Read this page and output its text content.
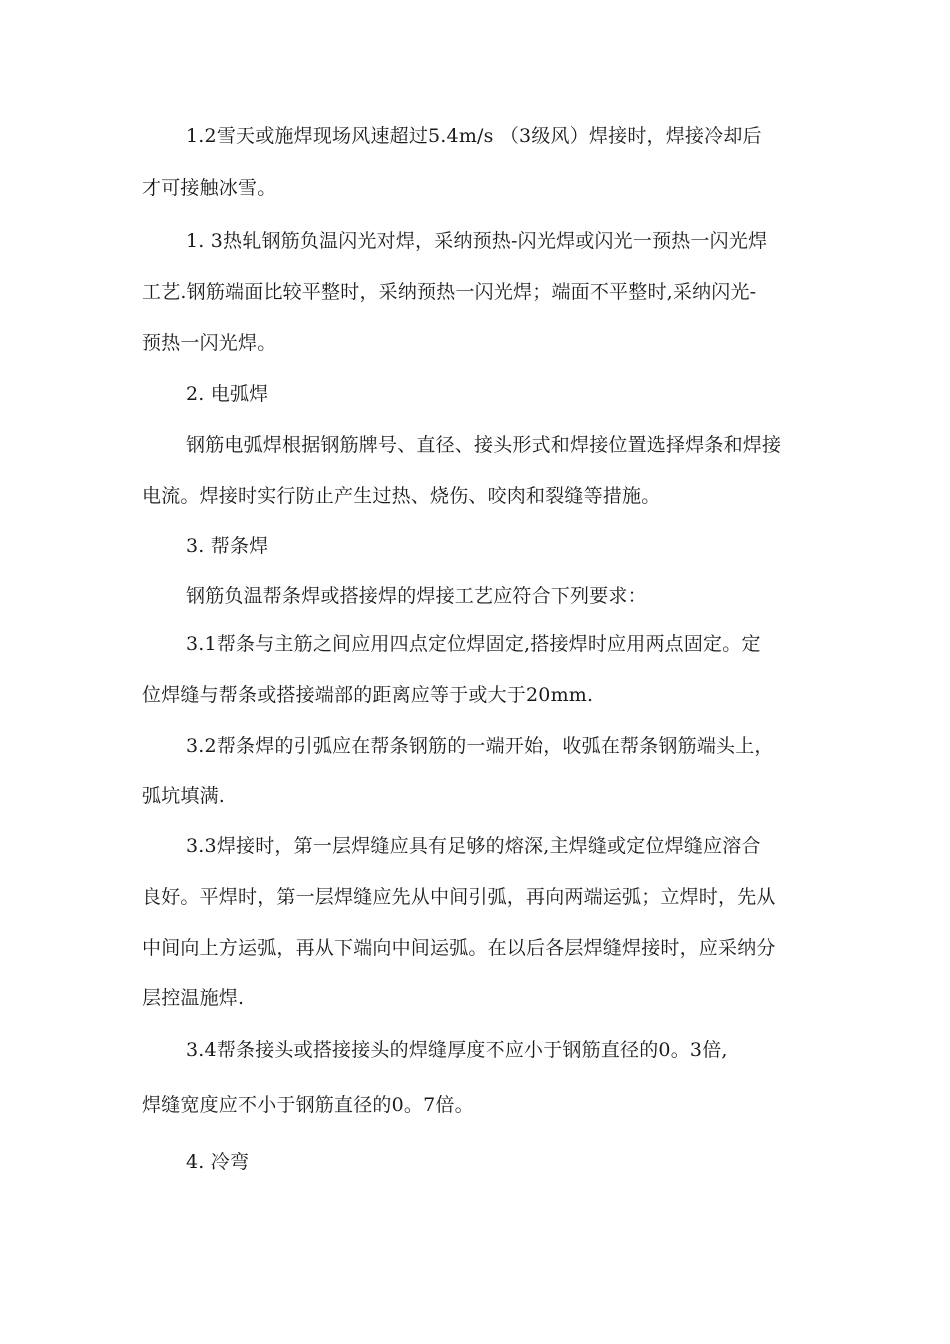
1.2雪天或施焊现场风速超过5.4m/s （3级风）焊接时，焊接冷却后
才可接触冰雪。
1. 3热轧钢筋负温闪光对焊，采纳预热-闪光焊或闪光一预热一闪光焊
工艺.钢筋端面比较平整时，采纳预热一闪光焊；端面不平整时,采纳闪光-
预热一闪光焊。
2. 电弧焊
钢筋电弧焊根据钢筋牌号、直径、接头形式和焊接位置选择焊条和焊接
电流。焊接时实行防止产生过热、烧伤、咬肉和裂缝等措施。
3. 帮条焊
钢筋负温帮条焊或搭接焊的焊接工艺应符合下列要求：
3.1帮条与主筋之间应用四点定位焊固定,搭接焊时应用两点固定。定
位焊缝与帮条或搭接端部的距离应等于或大于20mm.
3.2帮条焊的引弧应在帮条钢筋的一端开始，收弧在帮条钢筋端头上，
弧坑填满.
3.3焊接时，第一层焊缝应具有足够的熔深,主焊缝或定位焊缝应溶合
良好。平焊时，第一层焊缝应先从中间引弧，再向两端运弧；立焊时，先从
中间向上方运弧，再从下端向中间运弧。在以后各层焊缝焊接时，应采纳分
层控温施焊.
3.4帮条接头或搭接接头的焊缝厚度不应小于钢筋直径的0。3倍,
焊缝宽度应不小于钢筋直径的0。7倍。
4. 冷弯
